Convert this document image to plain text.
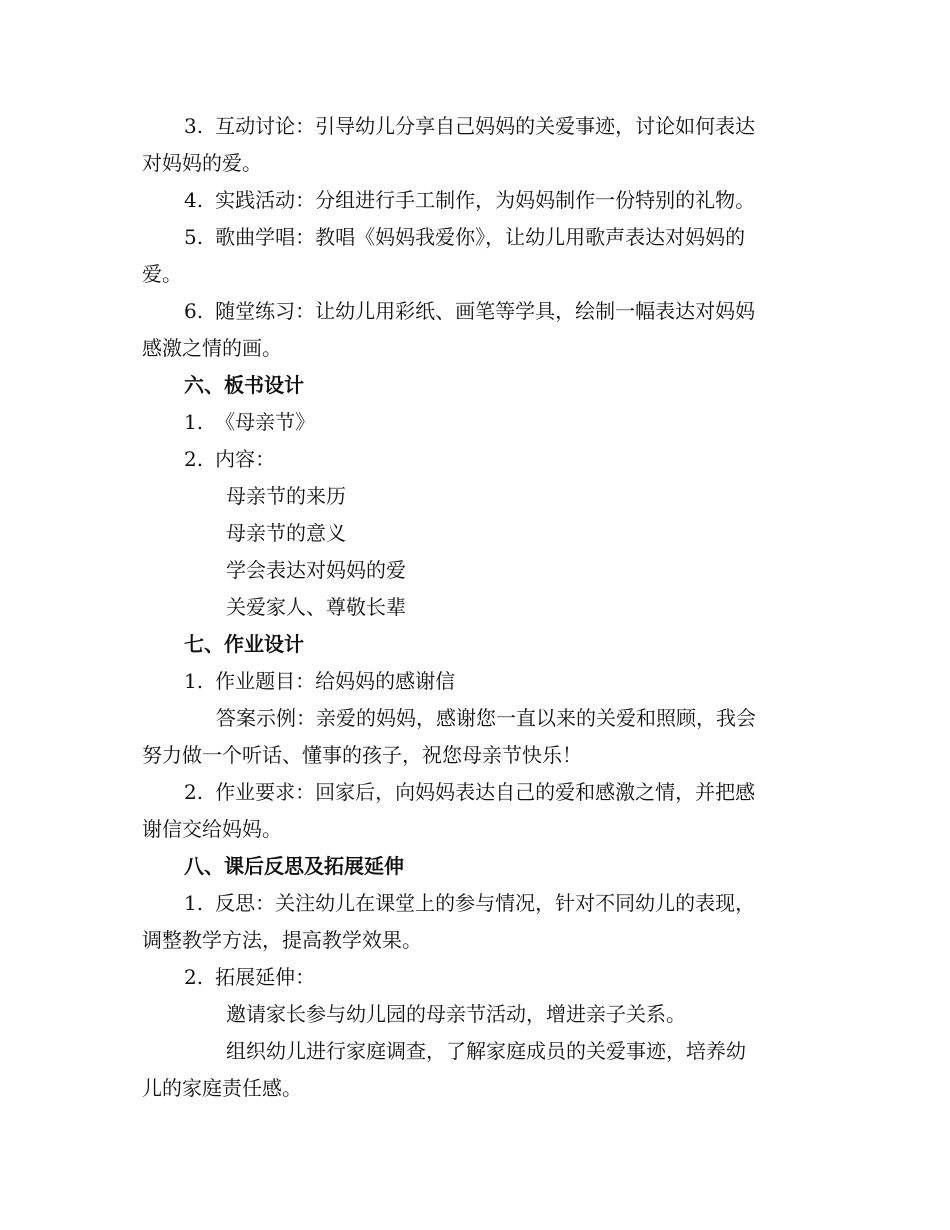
3. 互动讨论：引导幼儿分享自己妈妈的关爱事迹，讨论如何表达
对妈妈的爱。
4. 实践活动：分组进行手工制作，为妈妈制作一份特别的礼物。
5. 歌曲学唱：教唱《妈妈我爱你》，让幼儿用歌声表达对妈妈的
爱。
6. 随堂练习：让幼儿用彩纸、画笔等学具，绘制一幅表达对妈妈
感激之情的画。
六、板书设计
1. 《母亲节》
2. 内容：
母亲节的来历
母亲节的意义
学会表达对妈妈的爱
关爱家人、尊敬长辈
七、作业设计
1. 作业题目：给妈妈的感谢信
答案示例：亲爱的妈妈，感谢您一直以来的关爱和照顾，我会
努力做一个听话、懂事的孩子，祝您母亲节快乐！
2. 作业要求：回家后，向妈妈表达自己的爱和感激之情，并把感
谢信交给妈妈。
八、课后反思及拓展延伸
1. 反思：关注幼儿在课堂上的参与情况，针对不同幼儿的表现，
调整教学方法，提高教学效果。
2. 拓展延伸：
邀请家长参与幼儿园的母亲节活动，增进亲子关系。
组织幼儿进行家庭调查，了解家庭成员的关爱事迹，培养幼
儿的家庭责任感。
